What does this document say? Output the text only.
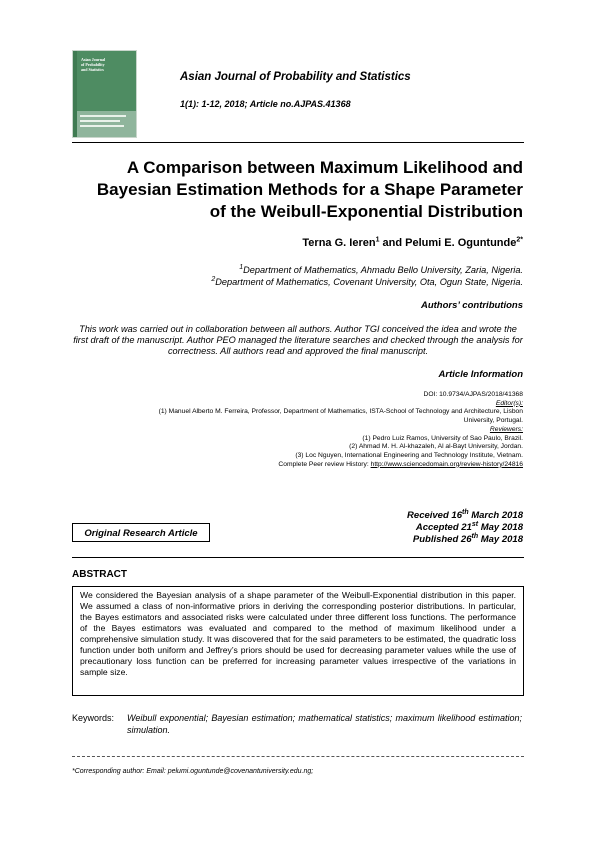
Asian Journal
of Probability
and Statistics
Asian Journal of Probability and Statistics
1(1): 1-12, 2018; Article no.AJPAS.41368
A Comparison between Maximum Likelihood and
Bayesian Estimation Methods for a Shape Parameter
of the Weibull-Exponential Distribution
Terna G. Ieren$^1$ and Pelumi E. Oguntunde$^{2*}$
$^1$Department of Mathematics, Ahmadu Bello University, Zaria, Nigeria.
$^2$Department of Mathematics, Covenant University, Ota, Ogun State, Nigeria.
Authors’ contributions
This work was carried out in collaboration between all authors. Author TGI conceived the idea and wrote the first draft of the manuscript. Author PEO managed the literature searches and checked through the analysis for correctness. All authors read and approved the final manuscript.
Article Information
DOI: 10.9734/AJPAS/2018/41368
Editor(s):
(1) Manuel Alberto M. Ferreira, Professor, Department of Mathematics, ISTA-School of Technology and Architecture, Lisbon
University, Portugal.
Reviewers:
(1) Pedro Luiz Ramos, University of Sao Paulo, Brazil.
(2) Ahmad M. H. Al-khazaleh, Al al-Bayt University, Jordan.
(3) Loc Nguyen, International Engineering and Technology Institute, Vietnam.
Complete Peer review History: http://www.sciencedomain.org/review-history/24816
Original Research Article
Received 16th March 2018
Accepted 21st May 2018
Published 26th May 2018
ABSTRACT
We considered the Bayesian analysis of a shape parameter of the Weibull-Exponential distribution in this paper. We assumed a class of non-informative priors in deriving the corresponding posterior distributions. In particular, the Bayes estimators and associated risks were calculated under three different loss functions. The performance of the Bayes estimators was evaluated and compared to the method of maximum likelihood under a comprehensive simulation study. It was discovered that for the said parameters to be estimated, the quadratic loss function under both uniform and Jeffrey’s priors should be used for decreasing parameter values while the use of precautionary loss function can be preferred for increasing parameter values irrespective of the variations in sample size.
Keywords: Weibull exponential; Bayesian estimation; mathematical statistics; maximum likelihood estimation; simulation.
*Corresponding author: Email: pelumi.oguntunde@covenantuniversity.edu.ng;
